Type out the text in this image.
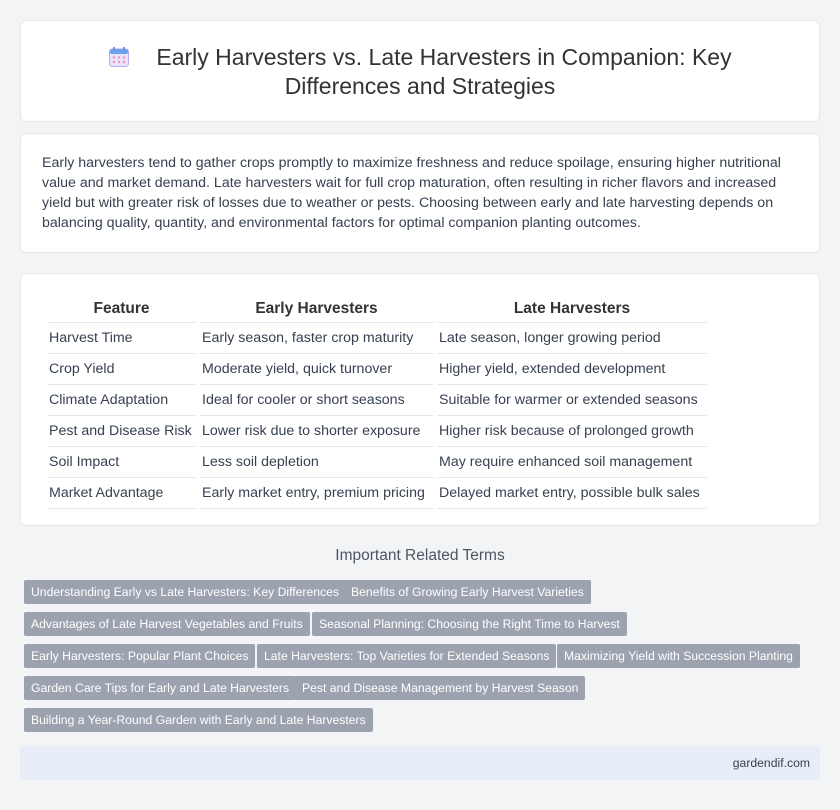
Early Harvesters vs. Late Harvesters in Companion: Key Differences and Strategies

Early harvesters tend to gather crops promptly to maximize freshness and reduce spoilage, ensuring higher nutritional value and market demand. Late harvesters wait for full crop maturation, often resulting in richer flavors and increased yield but with greater risk of losses due to weather or pests. Choosing between early and late harvesting depends on balancing quality, quantity, and environmental factors for optimal companion planting outcomes.

Feature	Early Harvesters	Late Harvesters
Harvest Time	Early season, faster crop maturity	Late season, longer growing period
Crop Yield	Moderate yield, quick turnover	Higher yield, extended development
Climate Adaptation	Ideal for cooler or short seasons	Suitable for warmer or extended seasons
Pest and Disease Risk	Lower risk due to shorter exposure	Higher risk because of prolonged growth
Soil Impact	Less soil depletion	May require enhanced soil management
Market Advantage	Early market entry, premium pricing	Delayed market entry, possible bulk sales
Important Related Terms
Understanding Early vs Late Harvesters: Key Differences Benefits of Growing Early Harvest Varieties
Advantages of Late Harvest Vegetables and Fruits	Seasonal Planning: Choosing the Right Time to Harvest
Early Harvesters: Popular Plant Choices	Late Harvesters: Top Varieties for Extended Seasons	Maximizing Yield with Succession Planting
Garden Care Tips for Early and Late Harvesters	Pest and Disease Management by Harvest Season
Building a Year-Round Garden with Early and Late Harvesters
gardendif.com
